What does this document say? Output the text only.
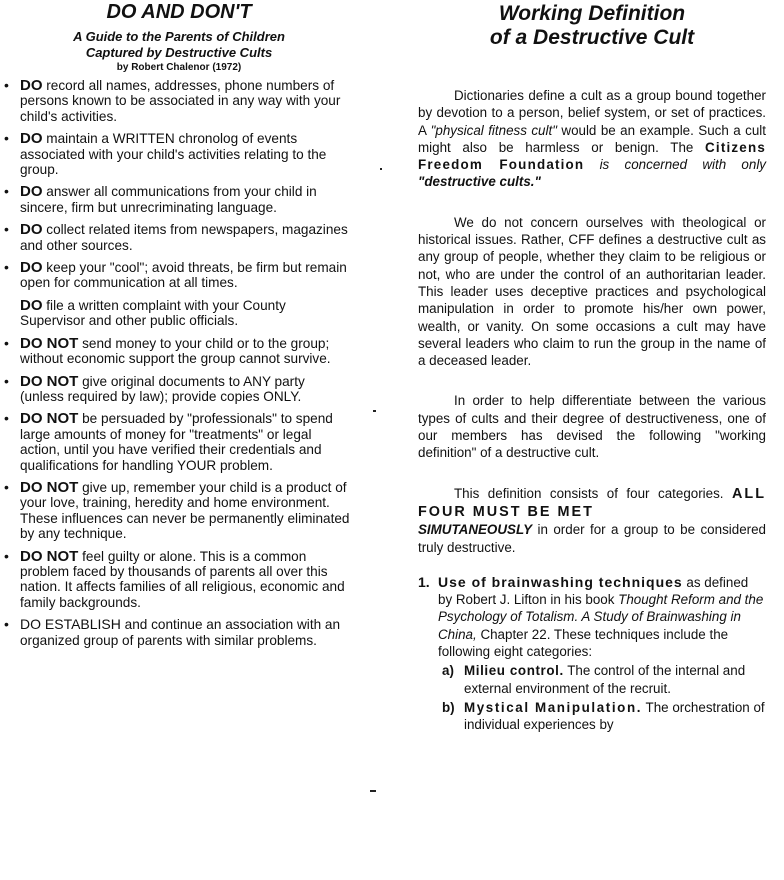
DO AND DON'T

A Guide to the Parents of Children
Captured by Destructive Cults

by Robert Chalenor (1972)

• DO record all names, addresses, phone numbers of persons known to be associated in any way with your child's activities.
• DO maintain a WRITTEN chronolog of events associated with your child's activities relating to the group.
• DO answer all communications from your child in sincere, firm but unrecriminating language.
• DO collect related items from newspapers, magazines and other sources.
• DO keep your "cool"; avoid threats, be firm but remain open for communication at all times.
DO file a written complaint with your County Supervisor and other public officials.
• DO NOT send money to your child or to the group; without economic support the group cannot survive.
• DO NOT give original documents to ANY party (unless required by law); provide copies ONLY.
• DO NOT be persuaded by "professionals" to spend large amounts of money for "treatments" or legal action, until you have verified their credentials and qualifications for handling YOUR problem.
• DO NOT give up, remember your child is a product of your love, training, heredity and home environment. These influences can never be permanently eliminated by any technique.
• DO NOT feel guilty or alone. This is a common problem faced by thousands of parents all over this nation. It affects families of all religious, economic and family backgrounds.
• DO ESTABLISH and continue an association with an organized group of parents with similar problems.
Working Definition
of a Destructive Cult

Dictionaries define a cult as a group bound together by devotion to a person, belief system, or set of practices. A "physical fitness cult" would be an example. Such a cult might also be harmless or benign. The Citizens Freedom Foundation is concerned with only "destructive cults."

We do not concern ourselves with theological or historical issues. Rather, CFF defines a destructive cult as any group of people, whether they claim to be religious or not, who are under the control of an authoritarian leader. This leader uses deceptive practices and psychological manipulation in order to promote his/her own power, wealth, or vanity. On some occasions a cult may have several leaders who claim to run the group in the name of a deceased leader.

In order to help differentiate between the various types of cults and their degree of destructiveness, one of our members has devised the following "working definition" of a destructive cult.

This definition consists of four categories. ALL FOUR MUST BE MET
SIMUTANEOUSLY in order for a group to be considered truly destructive.

1. Use of brainwashing techniques as defined by Robert J. Lifton in his book Thought Reform and the Psychology of Totalism. A Study of Brainwashing in China, Chapter 22. These techniques include the following eight categories:
a) Milieu control. The control of the internal and external environment of the recruit.
b) Mystical Manipulation. The orchestration of individual experiences by
